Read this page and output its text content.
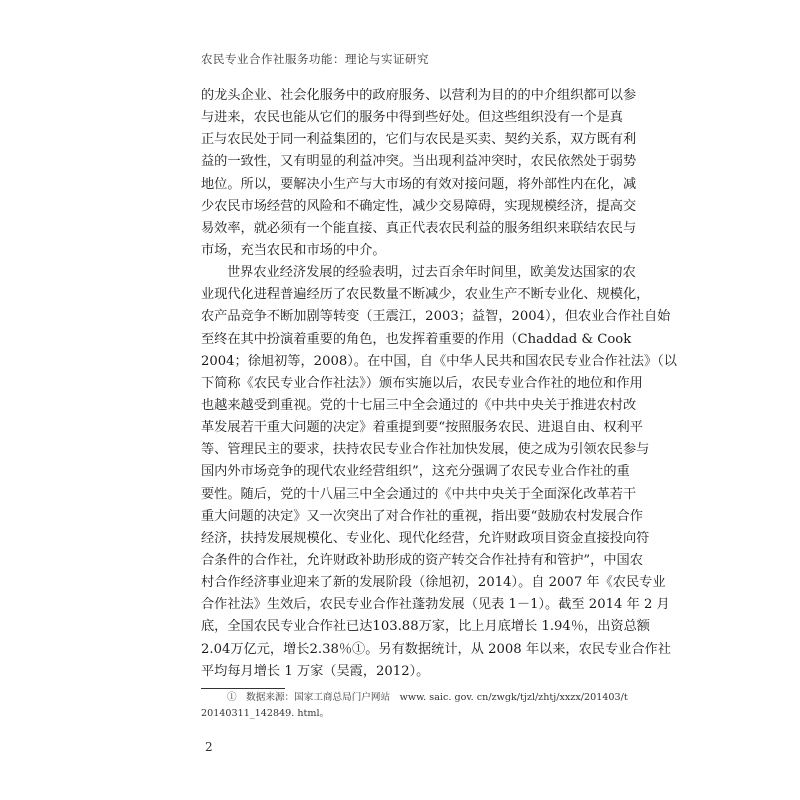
农民专业合作社服务功能：理论与实证研究
的龙头企业、社会化服务中的政府服务、以营利为目的的中介组织都可以参
与进来，农民也能从它们的服务中得到些好处。但这些组织没有一个是真
正与农民处于同一利益集团的，它们与农民是买卖、契约关系，双方既有利
益的一致性，又有明显的利益冲突。当出现利益冲突时，农民依然处于弱势
地位。所以，要解决小生产与大市场的有效对接问题，将外部性内在化，减
少农民市场经营的风险和不确定性，减少交易障碍，实现规模经济，提高交
易效率，就必须有一个能直接、真正代表农民利益的服务组织来联结农民与
市场，充当农民和市场的中介。
世界农业经济发展的经验表明，过去百余年时间里，欧美发达国家的农
业现代化进程普遍经历了农民数量不断减少，农业生产不断专业化、规模化，
农产品竞争不断加剧等转变（王震江，2003；益智，2004），但农业合作社自始
至终在其中扮演着重要的角色，也发挥着重要的作用（Chaddad & Cook
2004；徐旭初等，2008）。在中国，自《中华人民共和国农民专业合作社法》（以
下简称《农民专业合作社法》）颁布实施以后，农民专业合作社的地位和作用
也越来越受到重视。党的十七届三中全会通过的《中共中央关于推进农村改
革发展若干重大问题的决定》着重提到要“按照服务农民、进退自由、权利平
等、管理民主的要求，扶持农民专业合作社加快发展，使之成为引领农民参与
国内外市场竞争的现代农业经营组织”，这充分强调了农民专业合作社的重
要性。随后，党的十八届三中全会通过的《中共中央关于全面深化改革若干
重大问题的决定》又一次突出了对合作社的重视，指出要“鼓励农村发展合作
经济，扶持发展规模化、专业化、现代化经营，允许财政项目资金直接投向符
合条件的合作社，允许财政补助形成的资产转交合作社持有和管护”，中国农
村合作经济事业迎来了新的发展阶段（徐旭初，2014）。自 2007 年《农民专业
合作社法》生效后，农民专业合作社蓬勃发展（见表 1－1）。截至 2014 年 2 月
底，全国农民专业合作社已达103.88万家，比上月底增长 1.94％，出资总额
2.04万亿元，增长2.38％①。另有数据统计，从 2008 年以来，农民专业合作社
平均每月增长 1 万家（吴霞，2012）。
①　数据来源：国家工商总局门户网站　www. saic. gov. cn/zwgk/tjzl/zhtj/xxzx/201403/t
20140311_142849. html。
2
